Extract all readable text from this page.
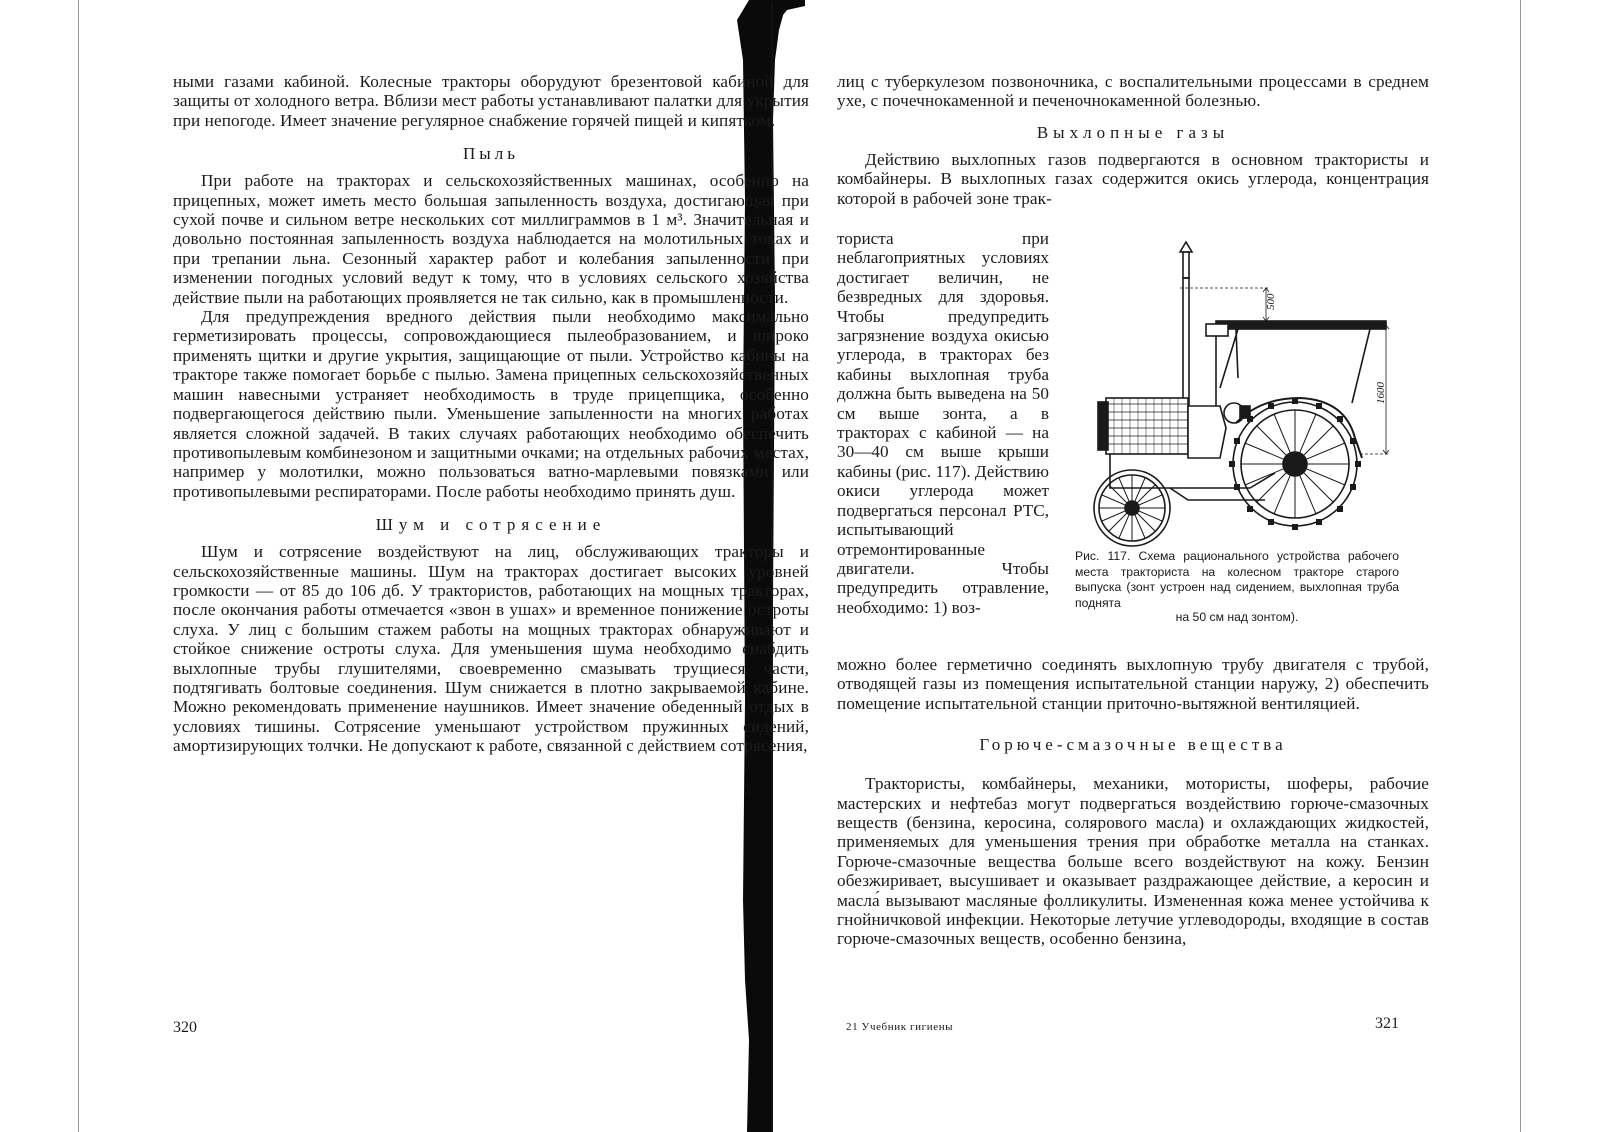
ными газами кабиной. Колесные тракторы оборудуют брезентовой кабиной для защиты от холодного ветра. Вблизи мест работы устанавливают палатки для укрытия при непогоде. Имеет значение регулярное снабжение горячей пищей и кипятком.

Пыль

При работе на тракторах и сельскохозяйственных машинах, особенно на прицепных, может иметь место большая запыленность воздуха, достигающая при сухой почве и сильном ветре нескольких сот миллиграммов в 1 м³. Значительная и довольно постоянная запыленность воздуха наблюдается на молотильных токах и при трепании льна. Сезонный характер работ и колебания запыленности при изменении погодных условий ведут к тому, что в условиях сельского хозяйства действие пыли на работающих проявляется не так сильно, как в промышленности.

Для предупреждения вредного действия пыли необходимо максимально герметизировать процессы, сопровождающиеся пылеобразованием, и широко применять щитки и другие укрытия, защищающие от пыли. Устройство кабины на тракторе также помогает борьбе с пылью. Замена прицепных сельскохозяйственных машин навесными устраняет необходимость в труде прицепщика, особенно подвергающегося действию пыли. Уменьшение запыленности на многих работах является сложной задачей. В таких случаях работающих необходимо обеспечить противопылевым комбинезоном и защитными очками; на отдельных рабочих местах, например у молотилки, можно пользоваться ватно-марлевыми повязками или противопылевыми респираторами. После работы необходимо принять душ.

Шум и сотрясение

Шум и сотрясение воздействуют на лиц, обслуживающих тракторы и сельскохозяйственные машины. Шум на тракторах достигает высоких уровней громкости — от 85 до 106 дб. У трактористов, работающих на мощных тракторах, после окончания работы отмечается «звон в ушах» и временное понижение остроты слуха. У лиц с большим стажем работы на мощных тракторах обнаруживают и стойкое снижение остроты слуха. Для уменьшения шума необходимо снабдить выхлопные трубы глушителями, своевременно смазывать трущиеся части, подтягивать болтовые соединения. Шум снижается в плотно закрываемой кабине. Можно рекомендовать применение наушников. Имеет значение обеденный отдых в условиях тишины. Сотрясение уменьшают устройством пружинных сидений, амортизирующих толчки. Не допускают к работе, связанной с действием сотрясения,

320

лиц с туберкулезом позвоночника, с воспалительными процессами в среднем ухе, с почечнокаменной и печеночнокаменной болезнью.

Выхлопные газы

Действию выхлопных газов подвергаются в основном трактористы и комбайнеры. В выхлопных газах содержится окись углерода, концентрация которой в рабочей зоне трак-

ториста при неблагоприятных условиях достигает величин, не безвредных для здоровья. Чтобы предупредить загрязнение воздуха окисью углерода, в тракторах без кабины выхлопная труба должна быть выведена на 50 см выше зонта, а в тракторах с кабиной — на 30—40 см выше крыши кабины (рис. 117). Действию окиси углерода может подвергаться персонал РТС, испытывающий отремонтированные двигатели. Чтобы предупредить отравление, необходимо: 1) воз-
500
1600
Рис. 117. Схема рационального устройства рабочего места тракториста на колесном тракторе старого выпуска (зонт устроен над сидением, выхлопная труба поднята
на 50 см над зонтом).

можно более герметично соединять выхлопную трубу двигателя с трубой, отводящей газы из помещения испытательной станции наружу, 2) обеспечить помещение испытательной станции приточно-вытяжной вентиляцией.

Горюче-смазочные вещества

Трактористы, комбайнеры, механики, мотористы, шоферы, рабочие мастерских и нефтебаз могут подвергаться воздействию горюче-смазочных веществ (бензина, керосина, солярового масла) и охлаждающих жидкостей, применяемых для уменьшения трения при обработке металла на станках. Горюче-смазочные вещества больше всего воздействуют на кожу. Бензин обезжиривает, высушивает и оказывает раздражающее действие, а керосин и масла́ вызывают масляные фолликулиты. Измененная кожа менее устойчива к гнойничковой инфекции. Некоторые летучие углеводороды, входящие в состав горюче-смазочных веществ, особенно бензина,

21 Учебник гигиены	321
